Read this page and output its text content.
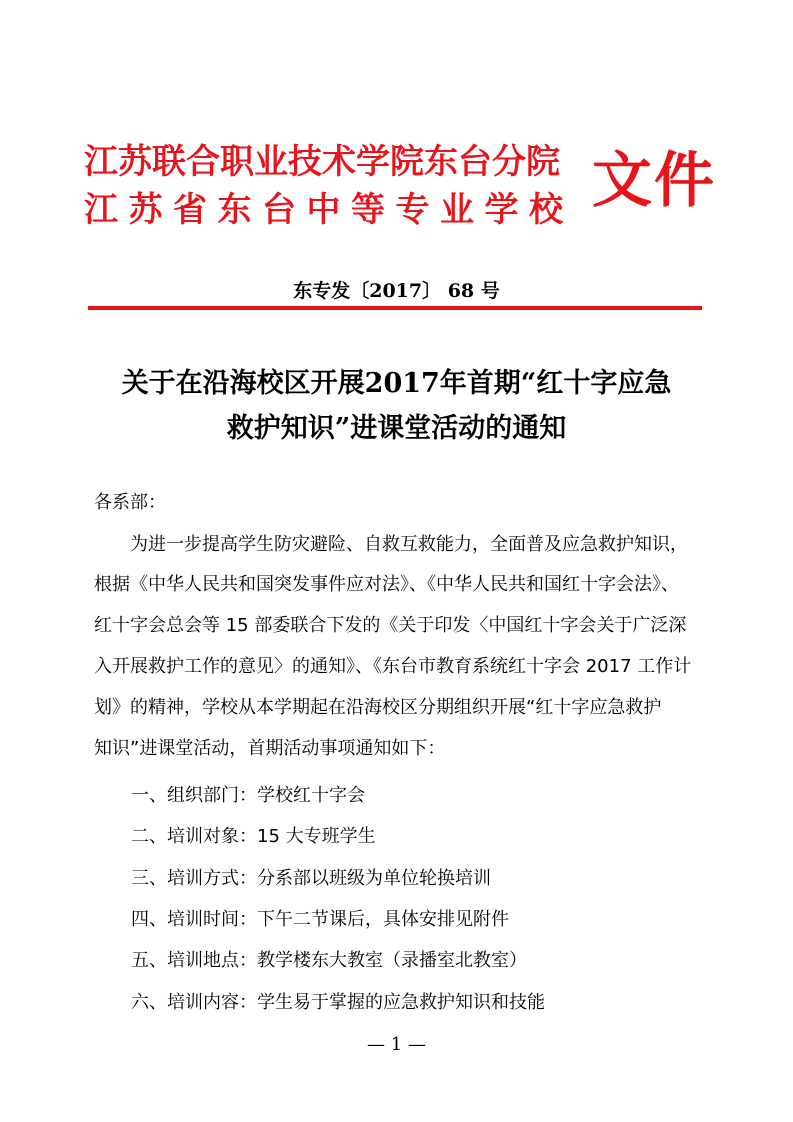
江苏联合职业技术学院东台分院
江苏省东台中等专业学校 文件
东专发〔2017〕 68 号
关于在沿海校区开展2017年首期“红十字应急
救护知识”进课堂活动的通知
各系部：
为进一步提高学生防灾避险、自救互救能力，全面普及应急救护知识，
根据《中华人民共和国突发事件应对法》、《中华人民共和国红十字会法》、
红十字会总会等 15 部委联合下发的《关于印发〈中国红十字会关于广泛深
入开展救护工作的意见〉的通知》、《东台市教育系统红十字会 2017 工作计
划》的精神，学校从本学期起在沿海校区分期组织开展“红十字应急救护
知识”进课堂活动，首期活动事项通知如下：
一、组织部门：学校红十字会
二、培训对象：15 大专班学生
三、培训方式：分系部以班级为单位轮换培训
四、培训时间：下午二节课后，具体安排见附件
五、培训地点：教学楼东大教室（录播室北教室）
六、培训内容：学生易于掌握的应急救护知识和技能
— 1 —
